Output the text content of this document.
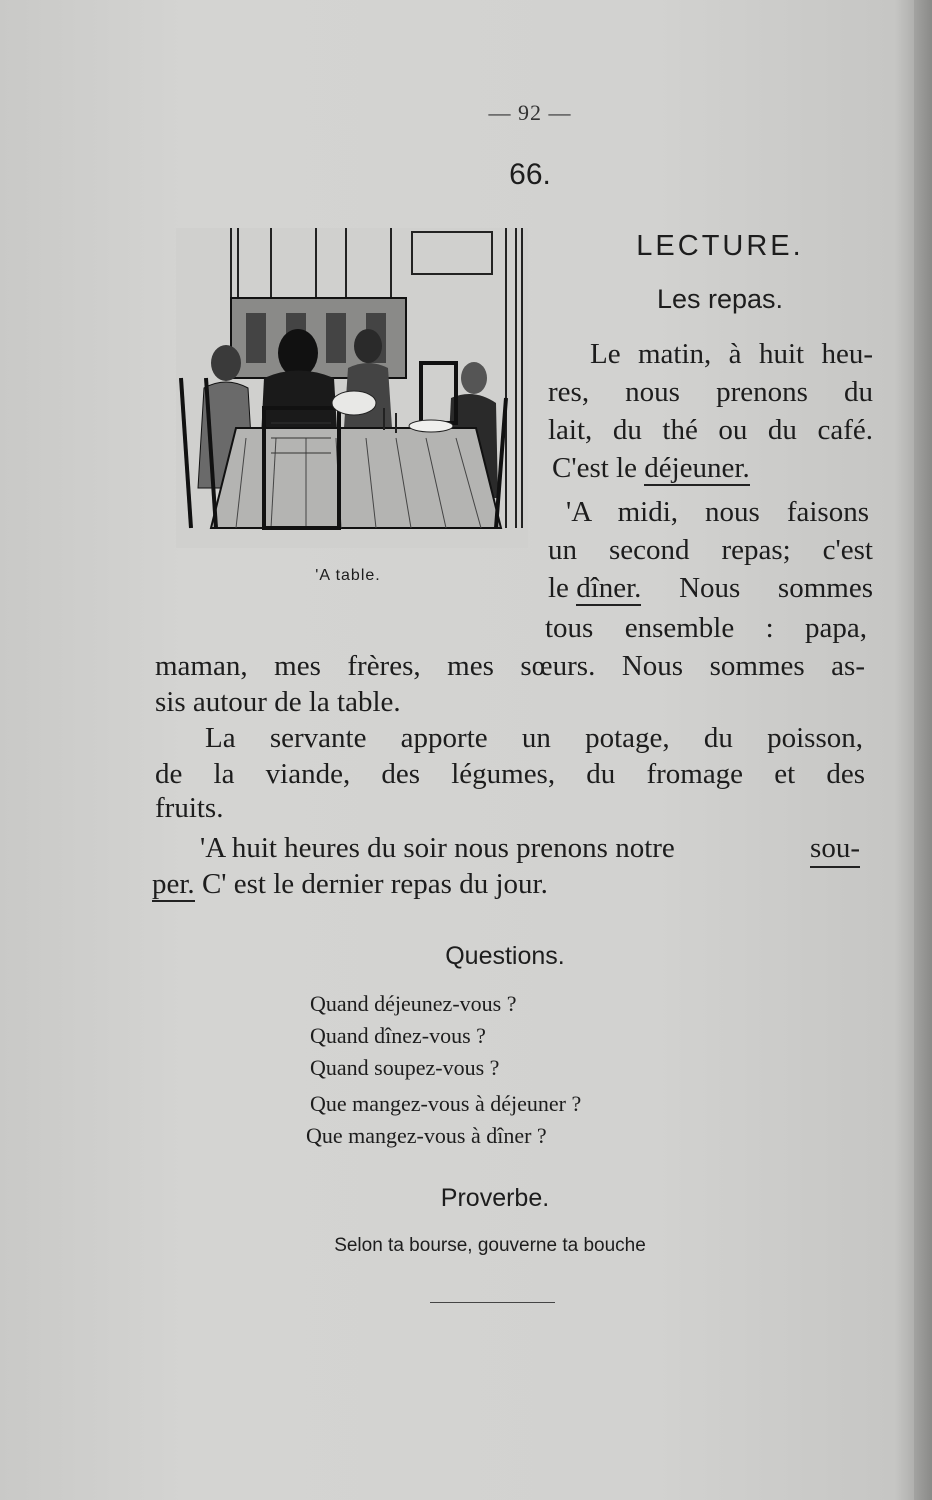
— 92 —
66.
LECTURE.
Les repas.
'A table.
Le matin, à huit heu-
res, nous prenons du
lait, du thé ou du café.
C'est le déjeuner.
'A midi, nous faisons
un second repas; c'est
le dîner. Nous sommes
tous ensemble : papa,
maman, mes frères, mes sœurs. Nous sommes as-
sis autour de la table.
La servante apporte un potage, du poisson,
de la viande, des légumes, du fromage et des
fruits.
'A huit heures du soir nous prenons notre	sou-
per. C' est le dernier repas du jour.
Questions.
Quand déjeunez-vous ?
Quand dînez-vous ?
Quand soupez-vous ?
Que mangez-vous à déjeuner ?
Que mangez-vous à dîner ?
Proverbe.
Selon ta bourse, gouverne ta bouche
